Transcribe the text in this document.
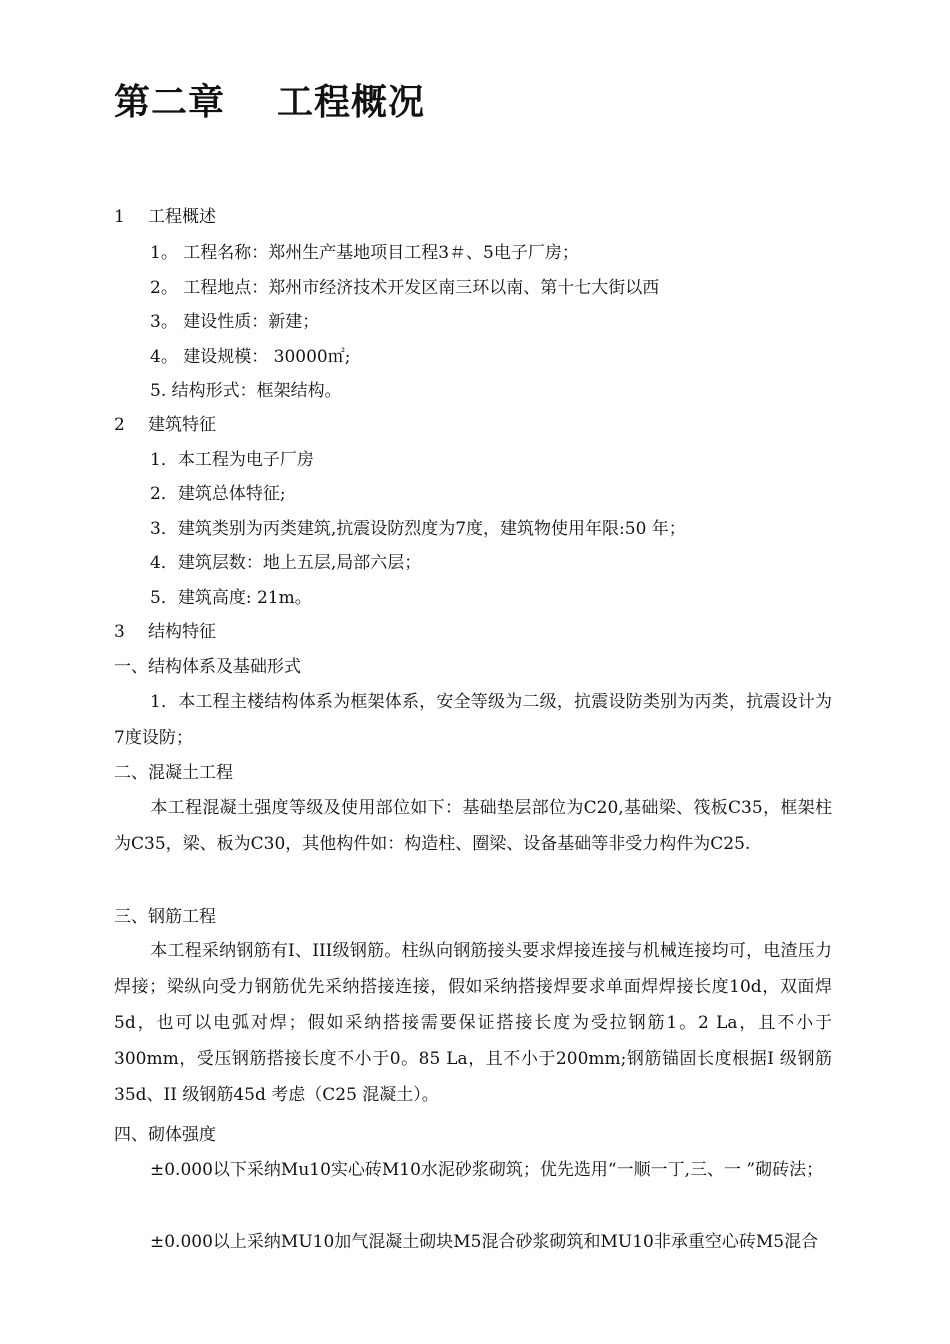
第二章 工程概况
1 工程概述
1。 工程名称：郑州生产基地项目工程3＃、5电子厂房；
2。 工程地点：郑州市经济技术开发区南三环以南、第十七大街以西
3。 建设性质：新建；
4。 建设规模： 30000㎡;
5. 结构形式：框架结构。
2 建筑特征
1．本工程为电子厂房
2．建筑总体特征;
3．建筑类别为丙类建筑,抗震设防烈度为7度，建筑物使用年限:50 年；
4．建筑层数：地上五层,局部六层；
5．建筑高度: 21m。
3 结构特征
一、结构体系及基础形式
1．本工程主楼结构体系为框架体系，安全等级为二级，抗震设防类别为丙类，抗震设计为7度设防；
二、混凝土工程
本工程混凝土强度等级及使用部位如下：基础垫层部位为C20,基础梁、筏板C35，框架柱为C35，梁、板为C30，其他构件如：构造柱、圈梁、设备基础等非受力构件为C25.
三、钢筋工程
本工程采纳钢筋有I、III级钢筋。柱纵向钢筋接头要求焊接连接与机械连接均可，电渣压力焊接；梁纵向受力钢筋优先采纳搭接连接，假如采纳搭接焊要求单面焊焊接长度10d，双面焊5d，也可以电弧对焊；假如采纳搭接需要保证搭接长度为受拉钢筋1。2 La，且不小于300mm，受压钢筋搭接长度不小于0。85 La，且不小于200mm;钢筋锚固长度根据I 级钢筋35d、II 级钢筋45d 考虑（C25 混凝土）。
四、砌体强度
±0.000以下采纳Mu10实心砖M10水泥砂浆砌筑；优先选用“一顺一丁,三、一 ”砌砖法；
±0.000以上采纳MU10加气混凝土砌块M5混合砂浆砌筑和MU10非承重空心砖M5混合
